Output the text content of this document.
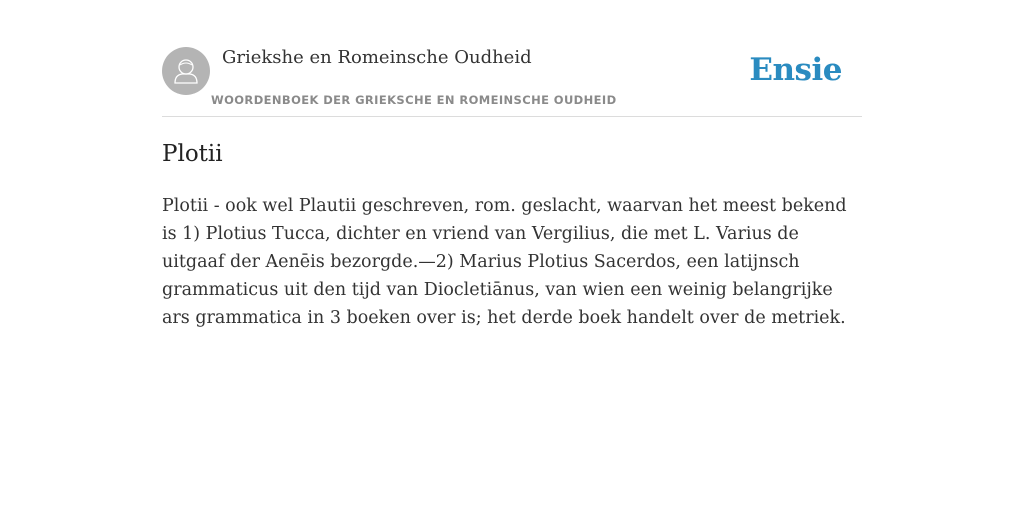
Griekshe en Romeinsche Oudheid
WOORDENBOEK DER GRIEKSCHE EN ROMEINSCHE OUDHEID
Ensie
Plotii

Plotii - ook wel Plautii geschreven, rom. geslacht, waarvan het meest bekend is 1) Plotius Tucca, dichter en vriend van Vergilius, die met L. Varius de uitgaaf der Aenēis bezorgde.—2) Marius Plotius Sacerdos, een latijnsch grammaticus uit den tijd van Diocletiānus, van wien een weinig belangrijke ars grammatica in 3 boeken over is; het derde boek handelt over de metriek.
